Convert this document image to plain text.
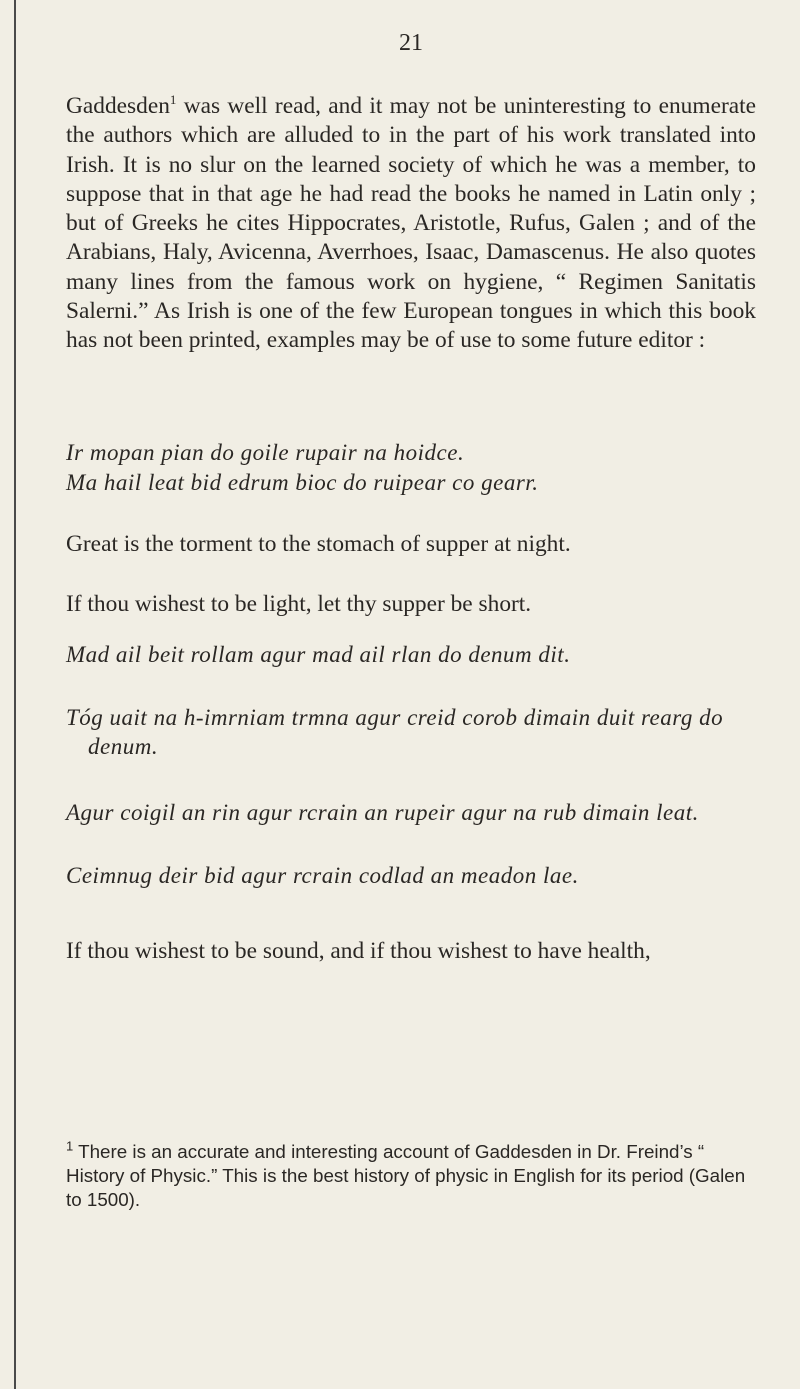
21

Gaddesden$^1$ was well read, and it may not be uninteresting to enumerate the authors which are alluded to in the part of his work translated into Irish. It is no slur on the learned society of which he was a member, to suppose that in that age he had read the books he named in Latin only ; but of Greeks he cites Hippocrates, Aristotle, Rufus, Galen ; and of the Arabians, Haly, Avicenna, Averrhoes, Isaac, Damascenus. He also quotes many lines from the famous work on hygiene, “ Regimen Sanitatis Salerni.” As Irish is one of the few European tongues in which this book has not been printed, examples may be of use to some future editor :

Ir mopan pian do goile rupair na hoidce.

Ma hail leat bid edrum bioc do ruipear co gearr.

Great is the torment to the stomach of supper at night.

If thou wishest to be light, let thy supper be short.

Mad ail beit rollam agur mad ail rlan do denum dit.

Tóg uait na h-imrniam trmna agur creid corob dimain duit rearg do denum.

Agur coigil an rin agur rcrain an rupeir agur na rub dimain leat.

Ceimnug deir bid agur rcrain codlad an meadon lae.

If thou wishest to be sound, and if thou wishest to have health,

$^1$ There is an accurate and interesting account of Gaddesden in Dr. Freind’s “ History of Physic.” This is the best history of physic in English for its period (Galen to 1500).
